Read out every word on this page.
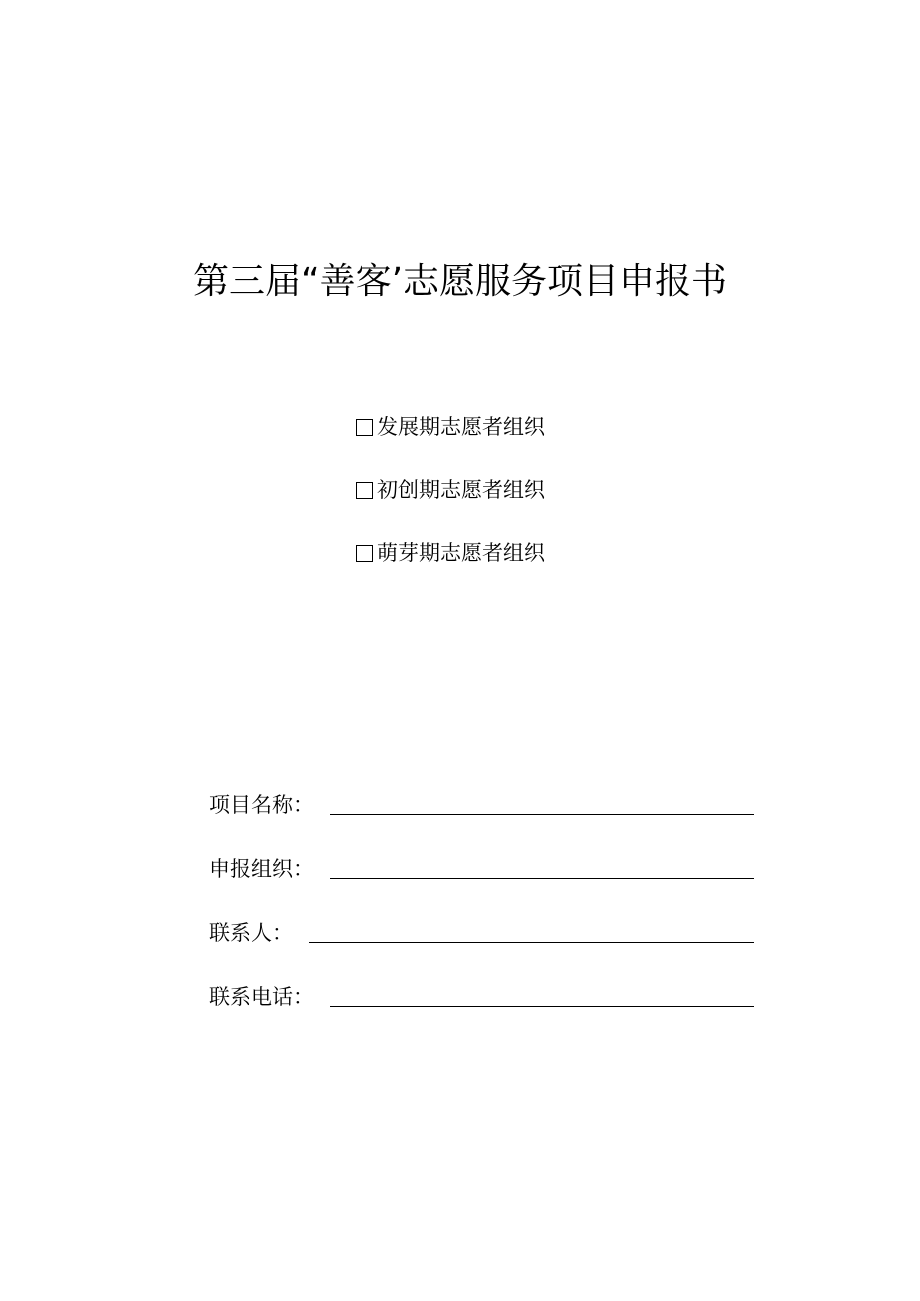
第三届“善客’志愿服务项目申报书
发展期志愿者组织
初创期志愿者组织
萌芽期志愿者组织
项目名称：
申报组织：
联系人：
联系电话：
